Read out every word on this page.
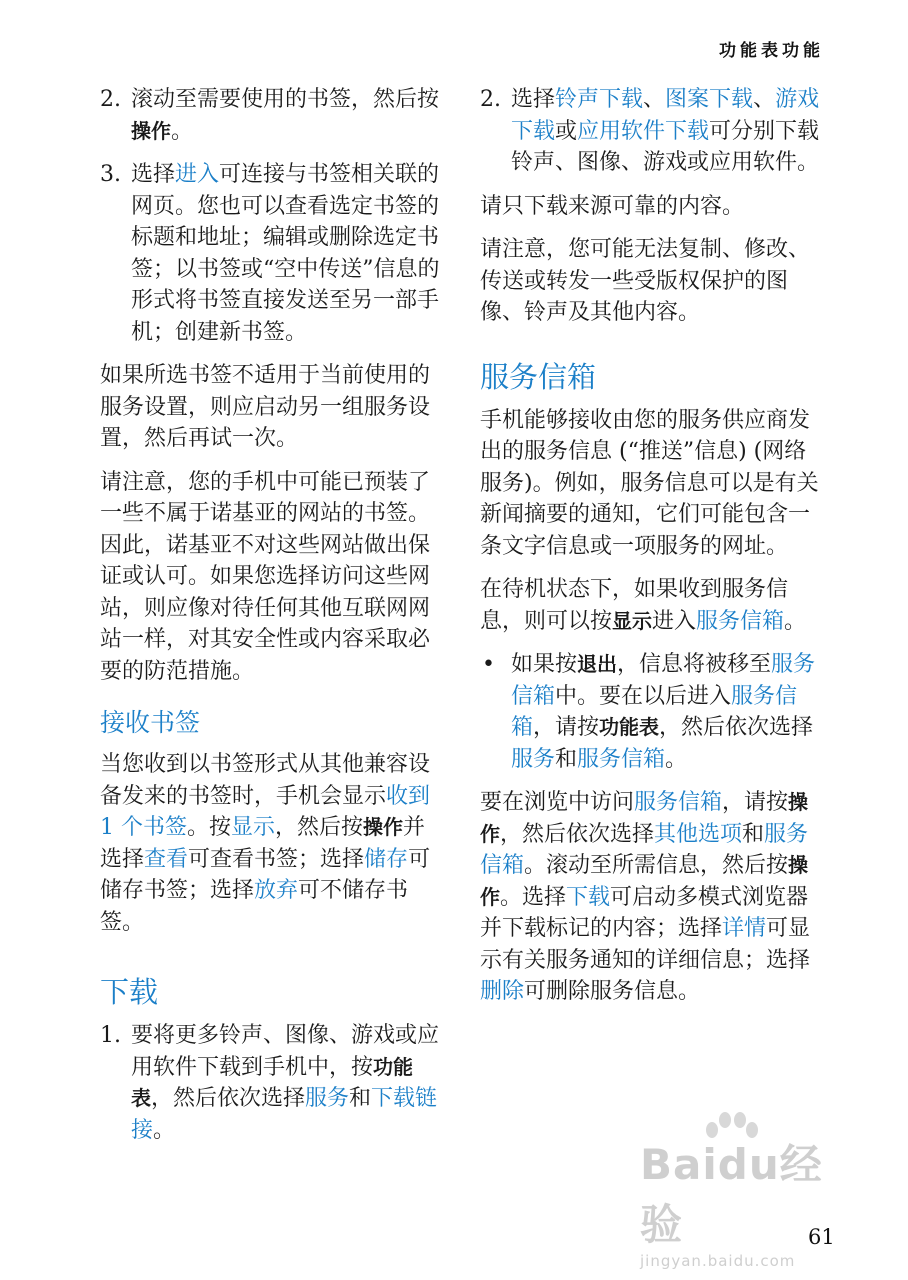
功能表功能
2. 滚动至需要使用的书签，然后按操作。
3. 选择进入可连接与书签相关联的网页。您也可以查看选定书签的标题和地址；编辑或删除选定书签；以书签或“空中传送”信息的形式将书签直接发送至另一部手机；创建新书签。

如果所选书签不适用于当前使用的服务设置，则应启动另一组服务设置，然后再试一次。

请注意，您的手机中可能已预装了一些不属于诺基亚的网站的书签。因此，诺基亚不对这些网站做出保证或认可。如果您选择访问这些网站，则应像对待任何其他互联网网站一样，对其安全性或内容采取必要的防范措施。

接收书签

当您收到以书签形式从其他兼容设备发来的书签时，手机会显示收到 1 个书签。按显示，然后按操作并选择查看可查看书签；选择储存可储存书签；选择放弃可不储存书签。

下载
1. 要将更多铃声、图像、游戏或应用软件下载到手机中，按功能表，然后依次选择服务和下载链接。
2. 选择铃声下载、图案下载、游戏下载或应用软件下载可分别下载铃声、图像、游戏或应用软件。

请只下载来源可靠的内容。

请注意，您可能无法复制、修改、传送或转发一些受版权保护的图像、铃声及其他内容。

服务信箱

手机能够接收由您的服务供应商发出的服务信息 (“推送”信息) (网络服务)。例如，服务信息可以是有关新闻摘要的通知，它们可能包含一条文字信息或一项服务的网址。

在待机状态下，如果收到服务信息，则可以按显示进入服务信箱。

• 如果按退出，信息将被移至服务信箱中。要在以后进入服务信箱，请按功能表，然后依次选择服务和服务信箱。

要在浏览中访问服务信箱，请按操作，然后依次选择其他选项和服务信箱。滚动至所需信息，然后按操作。选择下载可启动多模式浏览器并下载标记的内容；选择详情可显示有关服务通知的详细信息；选择删除可删除服务信息。

Baidu经验
jingyan.baidu.com
61
